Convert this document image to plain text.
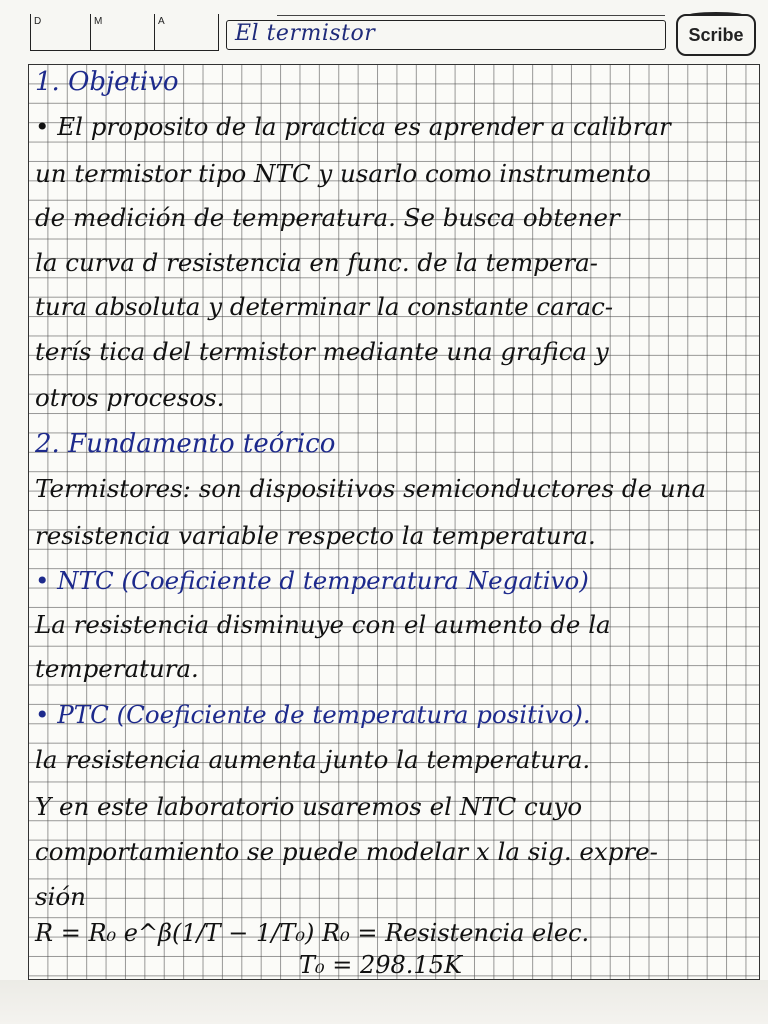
D	M	A	El termistor	Scribe
1. Objetivo
• El proposito de la practica es aprender a calibrar
un termistor tipo NTC y usarlo como instrumento
de medición de temperatura. Se busca obtener
la curva d resistencia en func. de la tempera-
tura absoluta y determinar la constante carac-
terís tica del termistor mediante una grafica y
otros procesos.
2. Fundamento teórico
Termistores: son dispositivos semiconductores de una
resistencia variable respecto la temperatura.
• NTC (Coeficiente d temperatura Negativo)
La resistencia disminuye con el aumento de la
temperatura.
• PTC (Coeficiente de temperatura positivo).
la resistencia aumenta junto la temperatura.
Y en este laboratorio usaremos el NTC cuyo
comportamiento se puede modelar x la sig. expre-
sión
R = R₀ e^β(1/T − 1/T₀) R₀ = Resistencia elec.
T₀ = 298.15K
